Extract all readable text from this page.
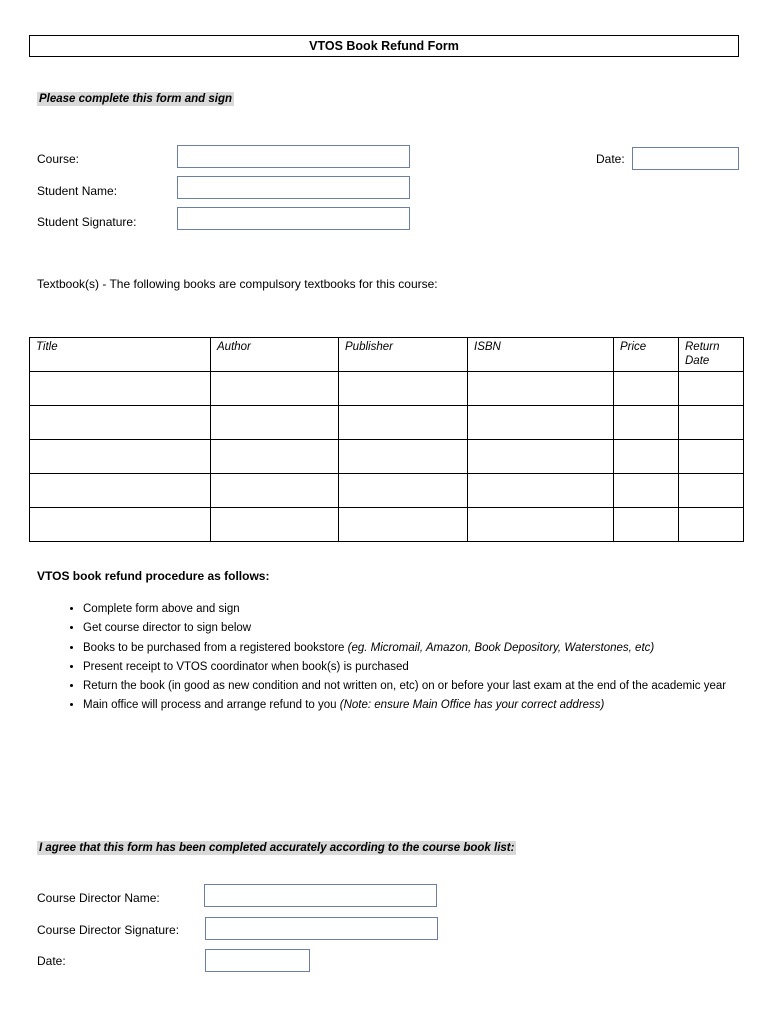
VTOS Book Refund Form
Please complete this form and sign
Course:	Date:
Student Name:
Student Signature:
Textbook(s) - The following books are compulsory textbooks for this course:
Title	Author	Publisher	ISBN	Price	Return Date

VTOS book refund procedure as follows:
• Complete form above and sign
• Get course director to sign below
• Books to be purchased from a registered bookstore (eg. Micromail, Amazon, Book Depository, Waterstones, etc)
• Present receipt to VTOS coordinator when book(s) is purchased
• Return the book (in good as new condition and not written on, etc) on or before your last exam at the end of the academic year
• Main office will process and arrange refund to you (Note: ensure Main Office has your correct address)
I agree that this form has been completed accurately according to the course book list:
Course Director Name:
Course Director Signature:
Date:
